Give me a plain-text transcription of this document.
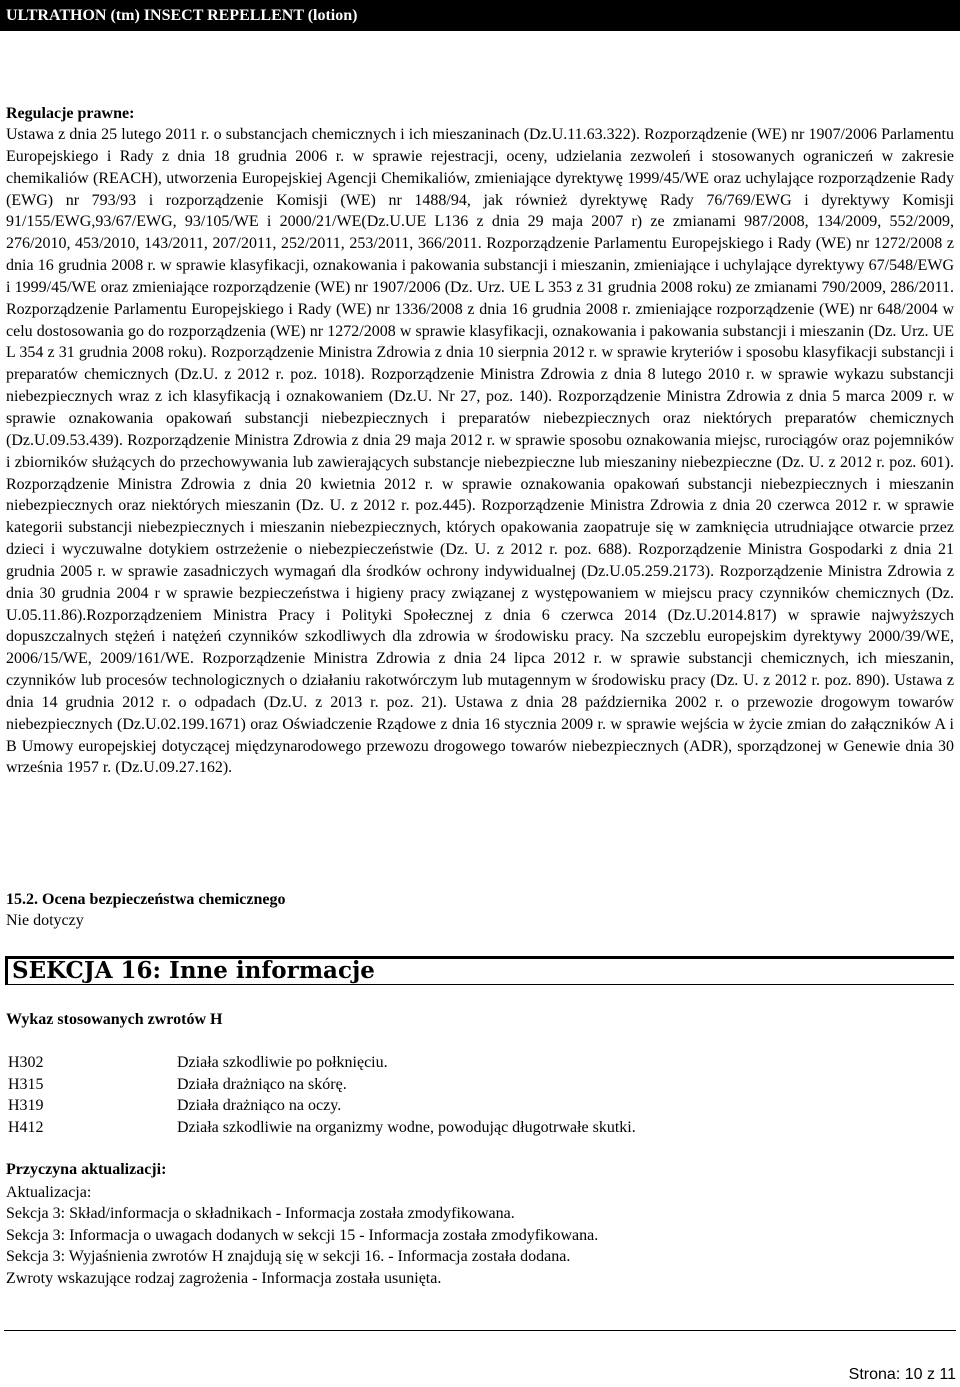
ULTRATHON (tm) INSECT REPELLENT (lotion)
Regulacje prawne:
Ustawa z dnia 25 lutego 2011 r. o substancjach chemicznych i ich mieszaninach (Dz.U.11.63.322). Rozporządzenie (WE) nr 1907/2006 Parlamentu Europejskiego i Rady z dnia 18 grudnia 2006 r. w sprawie rejestracji, oceny, udzielania zezwoleń i stosowanych ograniczeń w zakresie chemikaliów (REACH), utworzenia Europejskiej Agencji Chemikaliów, zmieniające dyrektywę 1999/45/WE oraz uchylające rozporządzenie Rady (EWG) nr 793/93 i rozporządzenie Komisji (WE) nr 1488/94, jak również dyrektywę Rady 76/769/EWG i dyrektywy Komisji 91/155/EWG,93/67/EWG, 93/105/WE i 2000/21/WE(Dz.U.UE L136 z dnia 29 maja 2007 r) ze zmianami 987/2008, 134/2009, 552/2009, 276/2010, 453/2010, 143/2011, 207/2011, 252/2011, 253/2011, 366/2011. Rozporządzenie Parlamentu Europejskiego i Rady (WE) nr 1272/2008 z dnia 16 grudnia 2008 r. w sprawie klasyfikacji, oznakowania i pakowania substancji i mieszanin, zmieniające i uchylające dyrektywy 67/548/EWG i 1999/45/WE oraz zmieniające rozporządzenie (WE) nr 1907/2006 (Dz. Urz. UE L 353 z 31 grudnia 2008 roku) ze zmianami 790/2009, 286/2011. Rozporządzenie Parlamentu Europejskiego i Rady (WE) nr 1336/2008 z dnia 16 grudnia 2008 r. zmieniające rozporządzenie (WE) nr 648/2004 w celu dostosowania go do rozporządzenia (WE) nr 1272/2008 w sprawie klasyfikacji, oznakowania i pakowania substancji i mieszanin (Dz. Urz. UE L 354 z 31 grudnia 2008 roku). Rozporządzenie Ministra Zdrowia z dnia 10 sierpnia 2012 r. w sprawie kryteriów i sposobu klasyfikacji substancji i preparatów chemicznych (Dz.U. z 2012 r. poz. 1018). Rozporządzenie Ministra Zdrowia z dnia 8 lutego 2010 r. w sprawie wykazu substancji niebezpiecznych wraz z ich klasyfikacją i oznakowaniem (Dz.U. Nr 27, poz. 140). Rozporządzenie Ministra Zdrowia z dnia 5 marca 2009 r. w sprawie oznakowania opakowań substancji niebezpiecznych i preparatów niebezpiecznych oraz niektórych preparatów chemicznych (Dz.U.09.53.439). Rozporządzenie Ministra Zdrowia z dnia 29 maja 2012 r. w sprawie sposobu oznakowania miejsc, rurociągów oraz pojemników i zbiorników służących do przechowywania lub zawierających substancje niebezpieczne lub mieszaniny niebezpieczne (Dz. U. z 2012 r. poz. 601). Rozporządzenie Ministra Zdrowia z dnia 20 kwietnia 2012 r. w sprawie oznakowania opakowań substancji niebezpiecznych i mieszanin niebezpiecznych oraz niektórych mieszanin (Dz. U. z 2012 r. poz.445). Rozporządzenie Ministra Zdrowia z dnia 20 czerwca 2012 r. w sprawie kategorii substancji niebezpiecznych i mieszanin niebezpiecznych, których opakowania zaopatruje się w zamknięcia utrudniające otwarcie przez dzieci i wyczuwalne dotykiem ostrzeżenie o niebezpieczeństwie (Dz. U. z 2012 r. poz. 688). Rozporządzenie Ministra Gospodarki z dnia 21 grudnia 2005 r. w sprawie zasadniczych wymagań dla środków ochrony indywidualnej (Dz.U.05.259.2173). Rozporządzenie Ministra Zdrowia z dnia 30 grudnia 2004 r w sprawie bezpieczeństwa i higieny pracy związanej z występowaniem w miejscu pracy czynników chemicznych (Dz. U.05.11.86).Rozporządzeniem Ministra Pracy i Polityki Społecznej z dnia 6 czerwca 2014 (Dz.U.2014.817) w sprawie najwyższych dopuszczalnych stężeń i natężeń czynników szkodliwych dla zdrowia w środowisku pracy. Na szczeblu europejskim dyrektywy 2000/39/WE, 2006/15/WE, 2009/161/WE. Rozporządzenie Ministra Zdrowia z dnia 24 lipca 2012 r. w sprawie substancji chemicznych, ich mieszanin, czynników lub procesów technologicznych o działaniu rakotwórczym lub mutagennym w środowisku pracy (Dz. U. z 2012 r. poz. 890). Ustawa z dnia 14 grudnia 2012 r. o odpadach (Dz.U. z 2013 r. poz. 21). Ustawa z dnia 28 października 2002 r. o przewozie drogowym towarów niebezpiecznych (Dz.U.02.199.1671) oraz Oświadczenie Rządowe z dnia 16 stycznia 2009 r. w sprawie wejścia w życie zmian do załączników A i B Umowy europejskiej dotyczącej międzynarodowego przewozu drogowego towarów niebezpiecznych (ADR), sporządzonej w Genewie dnia 30 września 1957 r. (Dz.U.09.27.162).
15.2. Ocena bezpieczeństwa chemicznego
Nie dotyczy
SEKCJA 16: Inne informacje
Wykaz stosowanych zwrotów H
H302	Działa szkodliwie po połknięciu.
H315	Działa drażniąco na skórę.
H319	Działa drażniąco na oczy.
H412	Działa szkodliwie na organizmy wodne, powodując długotrwałe skutki.
Przyczyna aktualizacji:
Aktualizacja:
Sekcja 3: Skład/informacja o składnikach - Informacja została zmodyfikowana.
Sekcja 3: Informacja o uwagach dodanych w sekcji 15 - Informacja została zmodyfikowana.
Sekcja 3: Wyjaśnienia zwrotów H znajdują się w sekcji 16. - Informacja została dodana.
Zwroty wskazujące rodzaj zagrożenia - Informacja została usunięta.
Strona: 10 z 11
